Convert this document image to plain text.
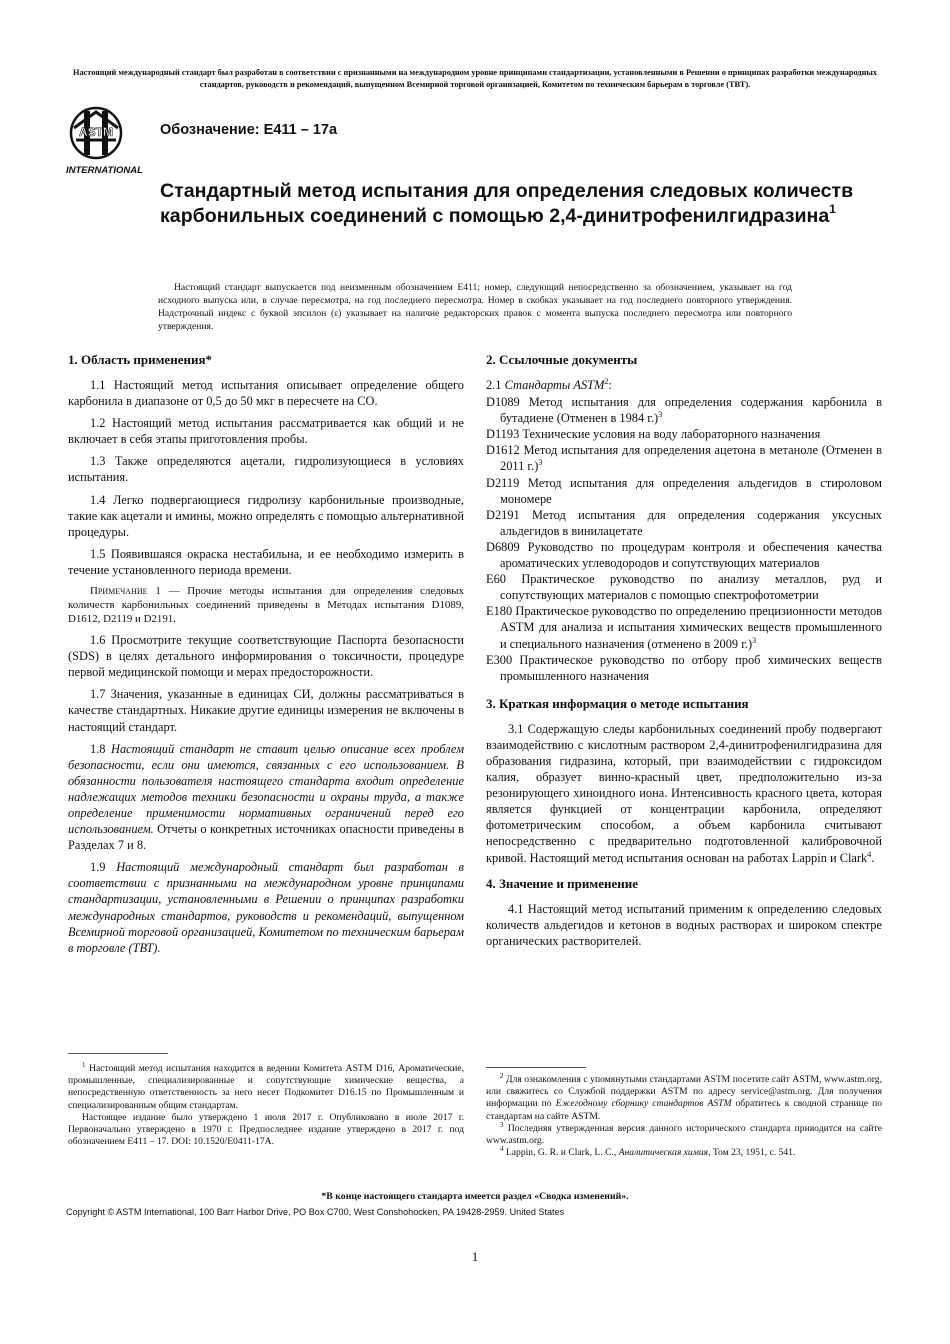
Настоящий международный стандарт был разработан в соответствии с признанными на международном уровне принципами стандартизации, установленными в Решении о принципах разработки международных стандартов, руководств и рекомендаций, выпущенном Всемирной торговой организацией, Комитетом по техническим барьерам в торговле (ТВТ).
ASTM
INTERNATIONAL
Обозначение: E411 – 17a
Стандартный метод испытания для определения следовых количеств карбонильных соединений с помощью 2,4-динитрофенилгидразина$^1$
Настоящий стандарт выпускается под неизменным обозначением E411; номер, следующий непосредственно за обозначением, указывает на год исходного выпуска или, в случае пересмотра, на год последнего пересмотра. Номер в скобках указывает на год последнего повторного утверждения. Надстрочный индекс с буквой эпсилон (ε) указывает на наличие редакторских правок с момента выпуска последнего пересмотра или повторного утверждения.
1. Область применения*

1.1 Настоящий метод испытания описывает определение общего карбонила в диапазоне от 0,5 до 50 мкг в пересчете на CO.

1.2 Настоящий метод испытания рассматривается как общий и не включает в себя этапы приготовления пробы.

1.3 Также определяются ацетали, гидролизующиеся в условиях испытания.

1.4 Легко подвергающиеся гидролизу карбонильные производные, такие как ацетали и имины, можно определять с помощью альтернативной процедуры.

1.5 Появившаяся окраска нестабильна, и ее необходимо измерить в течение установленного периода времени.

Примечание 1 — Прочие методы испытания для определения следовых количеств карбонильных соединений приведены в Методах испытания D1089, D1612, D2119 и D2191.

1.6 Просмотрите текущие соответствующие Паспорта безопасности (SDS) в целях детального информирования о токсичности, процедуре первой медицинской помощи и мерах предосторожности.

1.7 Значения, указанные в единицах СИ, должны рассматриваться в качестве стандартных. Никакие другие единицы измерения не включены в настоящий стандарт.

1.8 Настоящий стандарт не ставит целью описание всех проблем безопасности, если они имеются, связанных с его использованием. В обязанности пользователя настоящего стандарта входит определение надлежащих методов техники безопасности и охраны труда, а также определение применимости нормативных ограничений перед его использованием. Отчеты о конкретных источниках опасности приведены в Разделах 7 и 8.

1.9 Настоящий международный стандарт был разработан в соответствии с признанными на международном уровне принципами стандартизации, установленными в Решении о принципах разработки международных стандартов, руководств и рекомендаций, выпущенном Всемирной торговой организацией, Комитетом по техническим барьерам в торговле (ТВТ).

$^1$ Настоящий метод испытания находится в ведении Комитета ASTM D16, Ароматические, промышленные, специализированные и сопутствующие химические вещества, а непосредственную ответственность за него несет Подкомитет D16.15 по Промышленным и специализированным общим стандартам.

Настоящее издание было утверждено 1 июля 2017 г. Опубликовано в июле 2017 г. Первоначально утверждено в 1970 г. Предпоследнее издание утверждено в 2017 г. под обозначением E411 – 17. DOI: 10.1520/E0411-17A.

2. Ссылочные документы

2.1 Стандарты ASTM$^2$:

D1089 Метод испытания для определения содержания карбонила в бутадиене (Отменен в 1984 г.)$^3$

D1193 Технические условия на воду лабораторного назначения

D1612 Метод испытания для определения ацетона в метаноле (Отменен в 2011 г.)$^3$

D2119 Метод испытания для определения альдегидов в стироловом мономере

D2191 Метод испытания для определения содержания уксусных альдегидов в винилацетате

D6809 Руководство по процедурам контроля и обеспечения качества ароматических углеводородов и сопутствующих материалов

E60 Практическое руководство по анализу металлов, руд и сопутствующих материалов с помощью спектрофотометрии

E180 Практическое руководство по определению прецизионности методов ASTM для анализа и испытания химических веществ промышленного и специального назначения (отменено в 2009 г.)$^3$

E300 Практическое руководство по отбору проб химических веществ промышленного назначения

3. Краткая информация о методе испытания

3.1 Содержащую следы карбонильных соединений пробу подвергают взаимодействию с кислотным раствором 2,4-динитрофенилгидразина для образования гидразина, который, при взаимодействии с гидроксидом калия, образует винно-красный цвет, предположительно из-за резонирующего хиноидного иона. Интенсивность красного цвета, которая является функцией от концентрации карбонила, определяют фотометрическим способом, а объем карбонила считывают непосредственно с предварительно подготовленной калибровочной кривой. Настоящий метод испытания основан на работах Lappin и Clark$^4$.

4. Значение и применение

4.1 Настоящий метод испытаний применим к определению следовых количеств альдегидов и кетонов в водных растворах и широком спектре органических растворителей.

$^2$ Для ознакомления с упомянутыми стандартами ASTM посетите сайт ASTM, www.astm.org, или свяжитесь со Службой поддержки ASTM по адресу service@astm.org. Для получения информации по Ежегодному сборнику стандартов ASTM обратитесь к сводной странице по стандартам на сайте ASTM.

$^3$ Последняя утвержденная версия данного исторического стандарта приводится на сайте www.astm.org.

$^4$ Lappin, G. R. и Clark, L. C., Аналитическая химия, Том 23, 1951, с. 541.

*В конце настоящего стандарта имеется раздел «Сводка изменений».
Copyright © ASTM International, 100 Barr Harbor Drive, PO Box C700, West Conshohocken, PA 19428-2959. United States
1
